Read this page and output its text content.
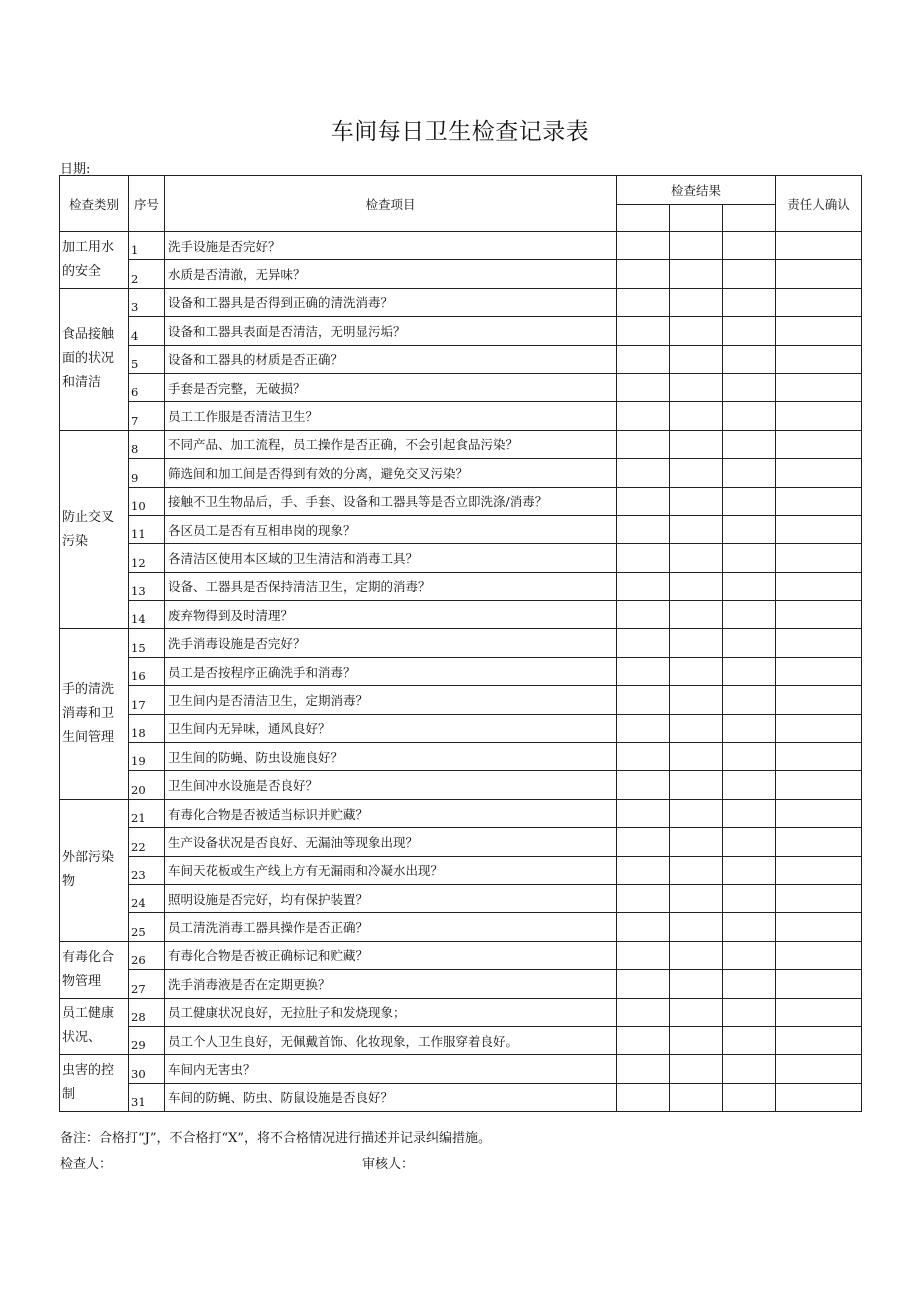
车间每日卫生检查记录表
日期:
检查类别	序号	检查项目	检查结果			责任人确认

加工用水的安全	1	洗手设施是否完好？				
	2	水质是否清澈，无异味？				
食品接触面的状况和清洁	3	设备和工器具是否得到正确的清洗消毒？				
	4	设备和工器具表面是否清洁，无明显污垢？				
	5	设备和工器具的材质是否正确？				
	6	手套是否完整，无破损？				
	7	员工工作服是否清洁卫生？				
防止交叉污染	8	不同产品、加工流程，员工操作是否正确，不会引起食品污染？				
	9	筛选间和加工间是否得到有效的分离，避免交叉污染？				
	10	接触不卫生物品后，手、手套、设备和工器具等是否立即洗涤/消毒？				
	11	各区员工是否有互相串岗的现象？				
	12	各清洁区使用本区域的卫生清洁和消毒工具？				
	13	设备、工器具是否保持清洁卫生，定期的消毒？				
	14	废弃物得到及时清理？				
手的清洗消毒和卫生间管理	15	洗手消毒设施是否完好？				
	16	员工是否按程序正确洗手和消毒？				
	17	卫生间内是否清洁卫生，定期消毒？				
	18	卫生间内无异味，通风良好？				
	19	卫生间的防蝇、防虫设施良好？				
	20	卫生间冲水设施是否良好？				
外部污染物	21	有毒化合物是否被适当标识并贮藏？				
	22	生产设备状况是否良好、无漏油等现象出现？				
	23	车间天花板或生产线上方有无漏雨和冷凝水出现？				
	24	照明设施是否完好，均有保护装置？				
	25	员工清洗消毒工器具操作是否正确？				
有毒化合物管理	26	有毒化合物是否被正确标记和贮藏？				
	27	洗手消毒液是否在定期更换？				
员工健康状况、	28	员工健康状况良好，无拉肚子和发烧现象；				
	29	员工个人卫生良好，无佩戴首饰、化妆现象，工作服穿着良好。				
虫害的控制	30	车间内无害虫？				
	31	车间的防蝇、防虫、防鼠设施是否良好？				
备注：合格打“J”，不合格打“X”，将不合格情况进行描述并记录纠编措施。
检查人：	审核人：
